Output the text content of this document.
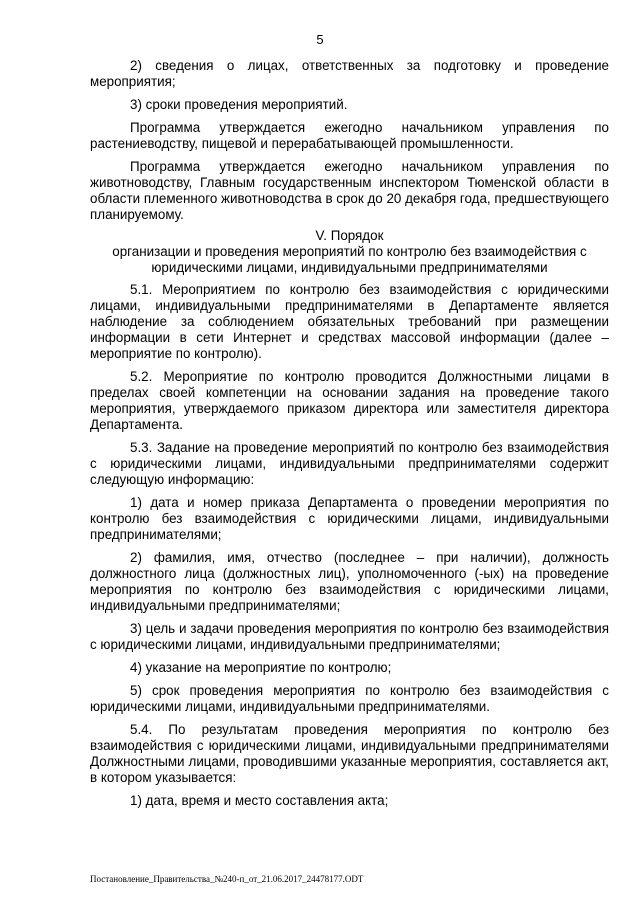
5

2) сведения о лицах, ответственных за подготовку и проведение мероприятия;

3) сроки проведения мероприятий.

Программа утверждается ежегодно начальником управления по растениеводству, пищевой и перерабатывающей промышленности.

Программа утверждается ежегодно начальником управления по животноводству, Главным государственным инспектором Тюменской области в области племенного животноводства в срок до 20 декабря года, предшествующего планируемому.

V. Порядок
организации и проведения мероприятий по контролю без взаимодействия с
юридическими лицами, индивидуальными предпринимателями

5.1. Мероприятием по контролю без взаимодействия с юридическими лицами, индивидуальными предпринимателями в Департаменте является наблюдение за соблюдением обязательных требований при размещении информации в сети Интернет и средствах массовой информации (далее – мероприятие по контролю).

5.2. Мероприятие по контролю проводится Должностными лицами в пределах своей компетенции на основании задания на проведение такого мероприятия, утверждаемого приказом директора или заместителя директора Департамента.

5.3. Задание на проведение мероприятий по контролю без взаимодействия с юридическими лицами, индивидуальными предпринимателями содержит следующую информацию:

1) дата и номер приказа Департамента о проведении мероприятия по контролю без взаимодействия с юридическими лицами, индивидуальными предпринимателями;

2) фамилия, имя, отчество (последнее – при наличии), должность должностного лица (должностных лиц), уполномоченного (-ых) на проведение мероприятия по контролю без взаимодействия с юридическими лицами, индивидуальными предпринимателями;

3) цель и задачи проведения мероприятия по контролю без взаимодействия с юридическими лицами, индивидуальными предпринимателями;

4) указание на мероприятие по контролю;

5) срок проведения мероприятия по контролю без взаимодействия с юридическими лицами, индивидуальными предпринимателями.

5.4. По результатам проведения мероприятия по контролю без взаимодействия с юридическими лицами, индивидуальными предпринимателями Должностными лицами, проводившими указанные мероприятия, составляется акт, в котором указывается:

1) дата, время и место составления акта;

Постановление_Правительства_№240-п_от_21.06.2017_24478177.ODT
